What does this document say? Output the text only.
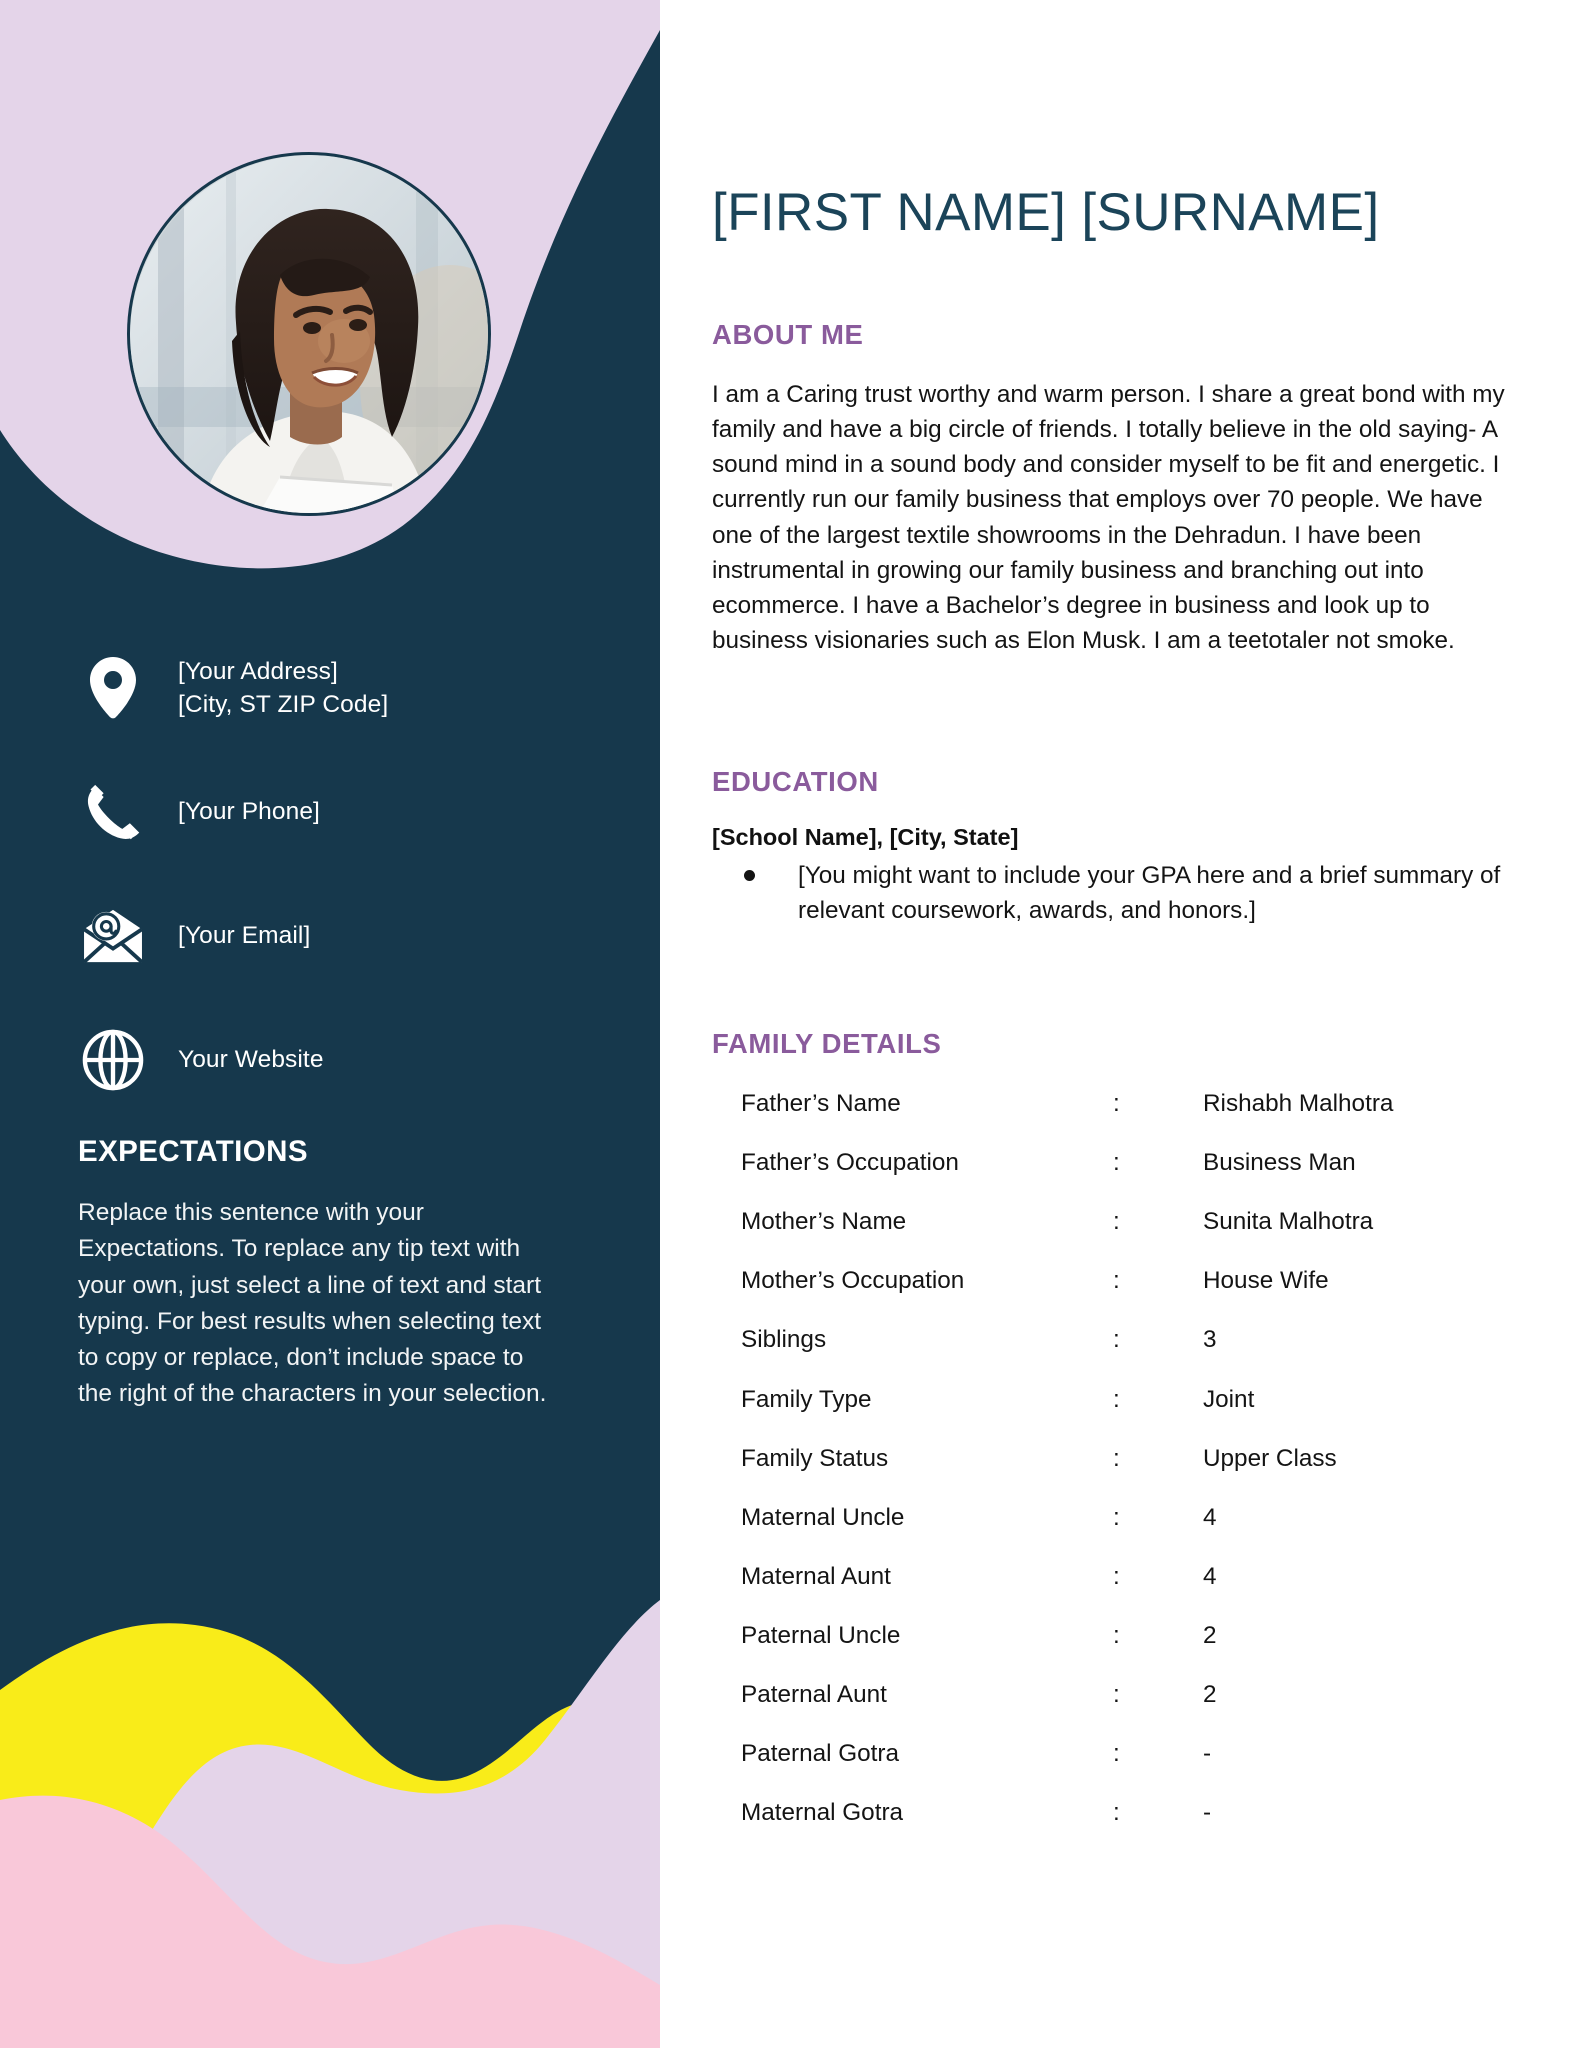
[Your Address]
[City, ST ZIP Code]
[Your Phone]
[Your Email]
Your Website
EXPECTATIONS

Replace this sentence with your Expectations. To replace any tip text with your own, just select a line of text and start typing. For best results when selecting text to copy or replace, don’t include space to the right of the characters in your selection.

[FIRST NAME] [SURNAME]
ABOUT ME

I am a Caring trust worthy and warm person. I share a great bond with my family and have a big circle of friends. I totally believe in the old saying- A sound mind in a sound body and consider myself to be fit and energetic. I currently run our family business that employs over 70 people. We have one of the largest textile showrooms in the Dehradun. I have been instrumental in growing our family business and branching out into ecommerce. I have a Bachelor’s degree in business and look up to business visionaries such as Elon Musk. I am a teetotaler not smoke.

EDUCATION

[School Name], [City, State]

[You might want to include your GPA here and a brief summary of relevant coursework, awards, and honors.]
FAMILY DETAILS
Father’s Name	:	Rishabh Malhotra
Father’s Occupation	:	Business Man
Mother’s Name	:	Sunita Malhotra
Mother’s Occupation	:	House Wife
Siblings	:	3
Family Type	:	Joint
Family Status	:	Upper Class
Maternal Uncle	:	4
Maternal Aunt	:	4
Paternal Uncle	:	2
Paternal Aunt	:	2
Paternal Gotra	:	-
Maternal Gotra	:	-
